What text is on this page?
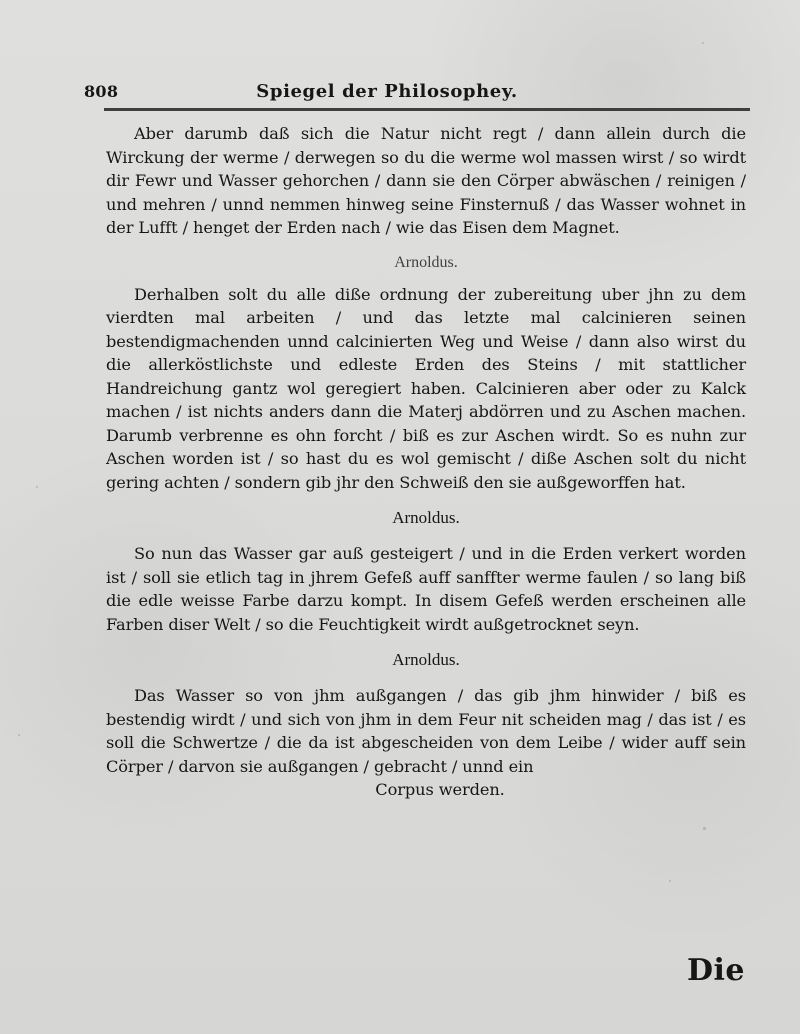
808	Spiegel der Philosophey.

Aber darumb daß sich die Natur nicht regt / dann allein durch die Wirckung der werme / derwegen so du die werme wol massen wirst / so wirdt dir Fewr und Wasser gehorchen / dann sie den Cörper abwäschen / reinigen / und mehren / unnd nemmen hinweg seine Finsternuß / das Wasser wohnet in der Lufft / henget der Erden nach / wie das Eisen dem Magnet.

Arnoldus.

Derhalben solt du alle diße ordnung der zubereitung uber jhn zu dem vierdten mal arbeiten / und das letzte mal calcinieren seinen bestendigmachenden unnd calcinierten Weg und Weise / dann also wirst du die allerköstlichste und edleste Erden des Steins / mit stattlicher Handreichung gantz wol geregiert haben. Calcinieren aber oder zu Kalck machen / ist nichts anders dann die Materj abdörren und zu Aschen machen. Darumb verbrenne es ohn forcht / biß es zur Aschen wirdt. So es nuhn zur Aschen worden ist / so hast du es wol gemischt / diße Aschen solt du nicht gering achten / sondern gib jhr den Schweiß den sie außgeworffen hat.

Arnoldus.

So nun das Wasser gar auß gesteigert / und in die Erden verkert worden ist / soll sie etlich tag in jhrem Gefeß auff sanffter werme faulen / so lang biß die edle weisse Farbe darzu kompt. In disem Gefeß werden erscheinen alle Farben diser Welt / so die Feuchtigkeit wirdt außgetrocknet seyn.

Arnoldus.

Das Wasser so von jhm außgangen / das gib jhm hinwider / biß es bestendig wirdt / und sich von jhm in dem Feur nit scheiden mag / das ist / es soll die Schwertze / die da ist abgescheiden von dem Leibe / wider auff sein Cörper / darvon sie außgangen / gebracht / unnd ein

Corpus werden.
Die
